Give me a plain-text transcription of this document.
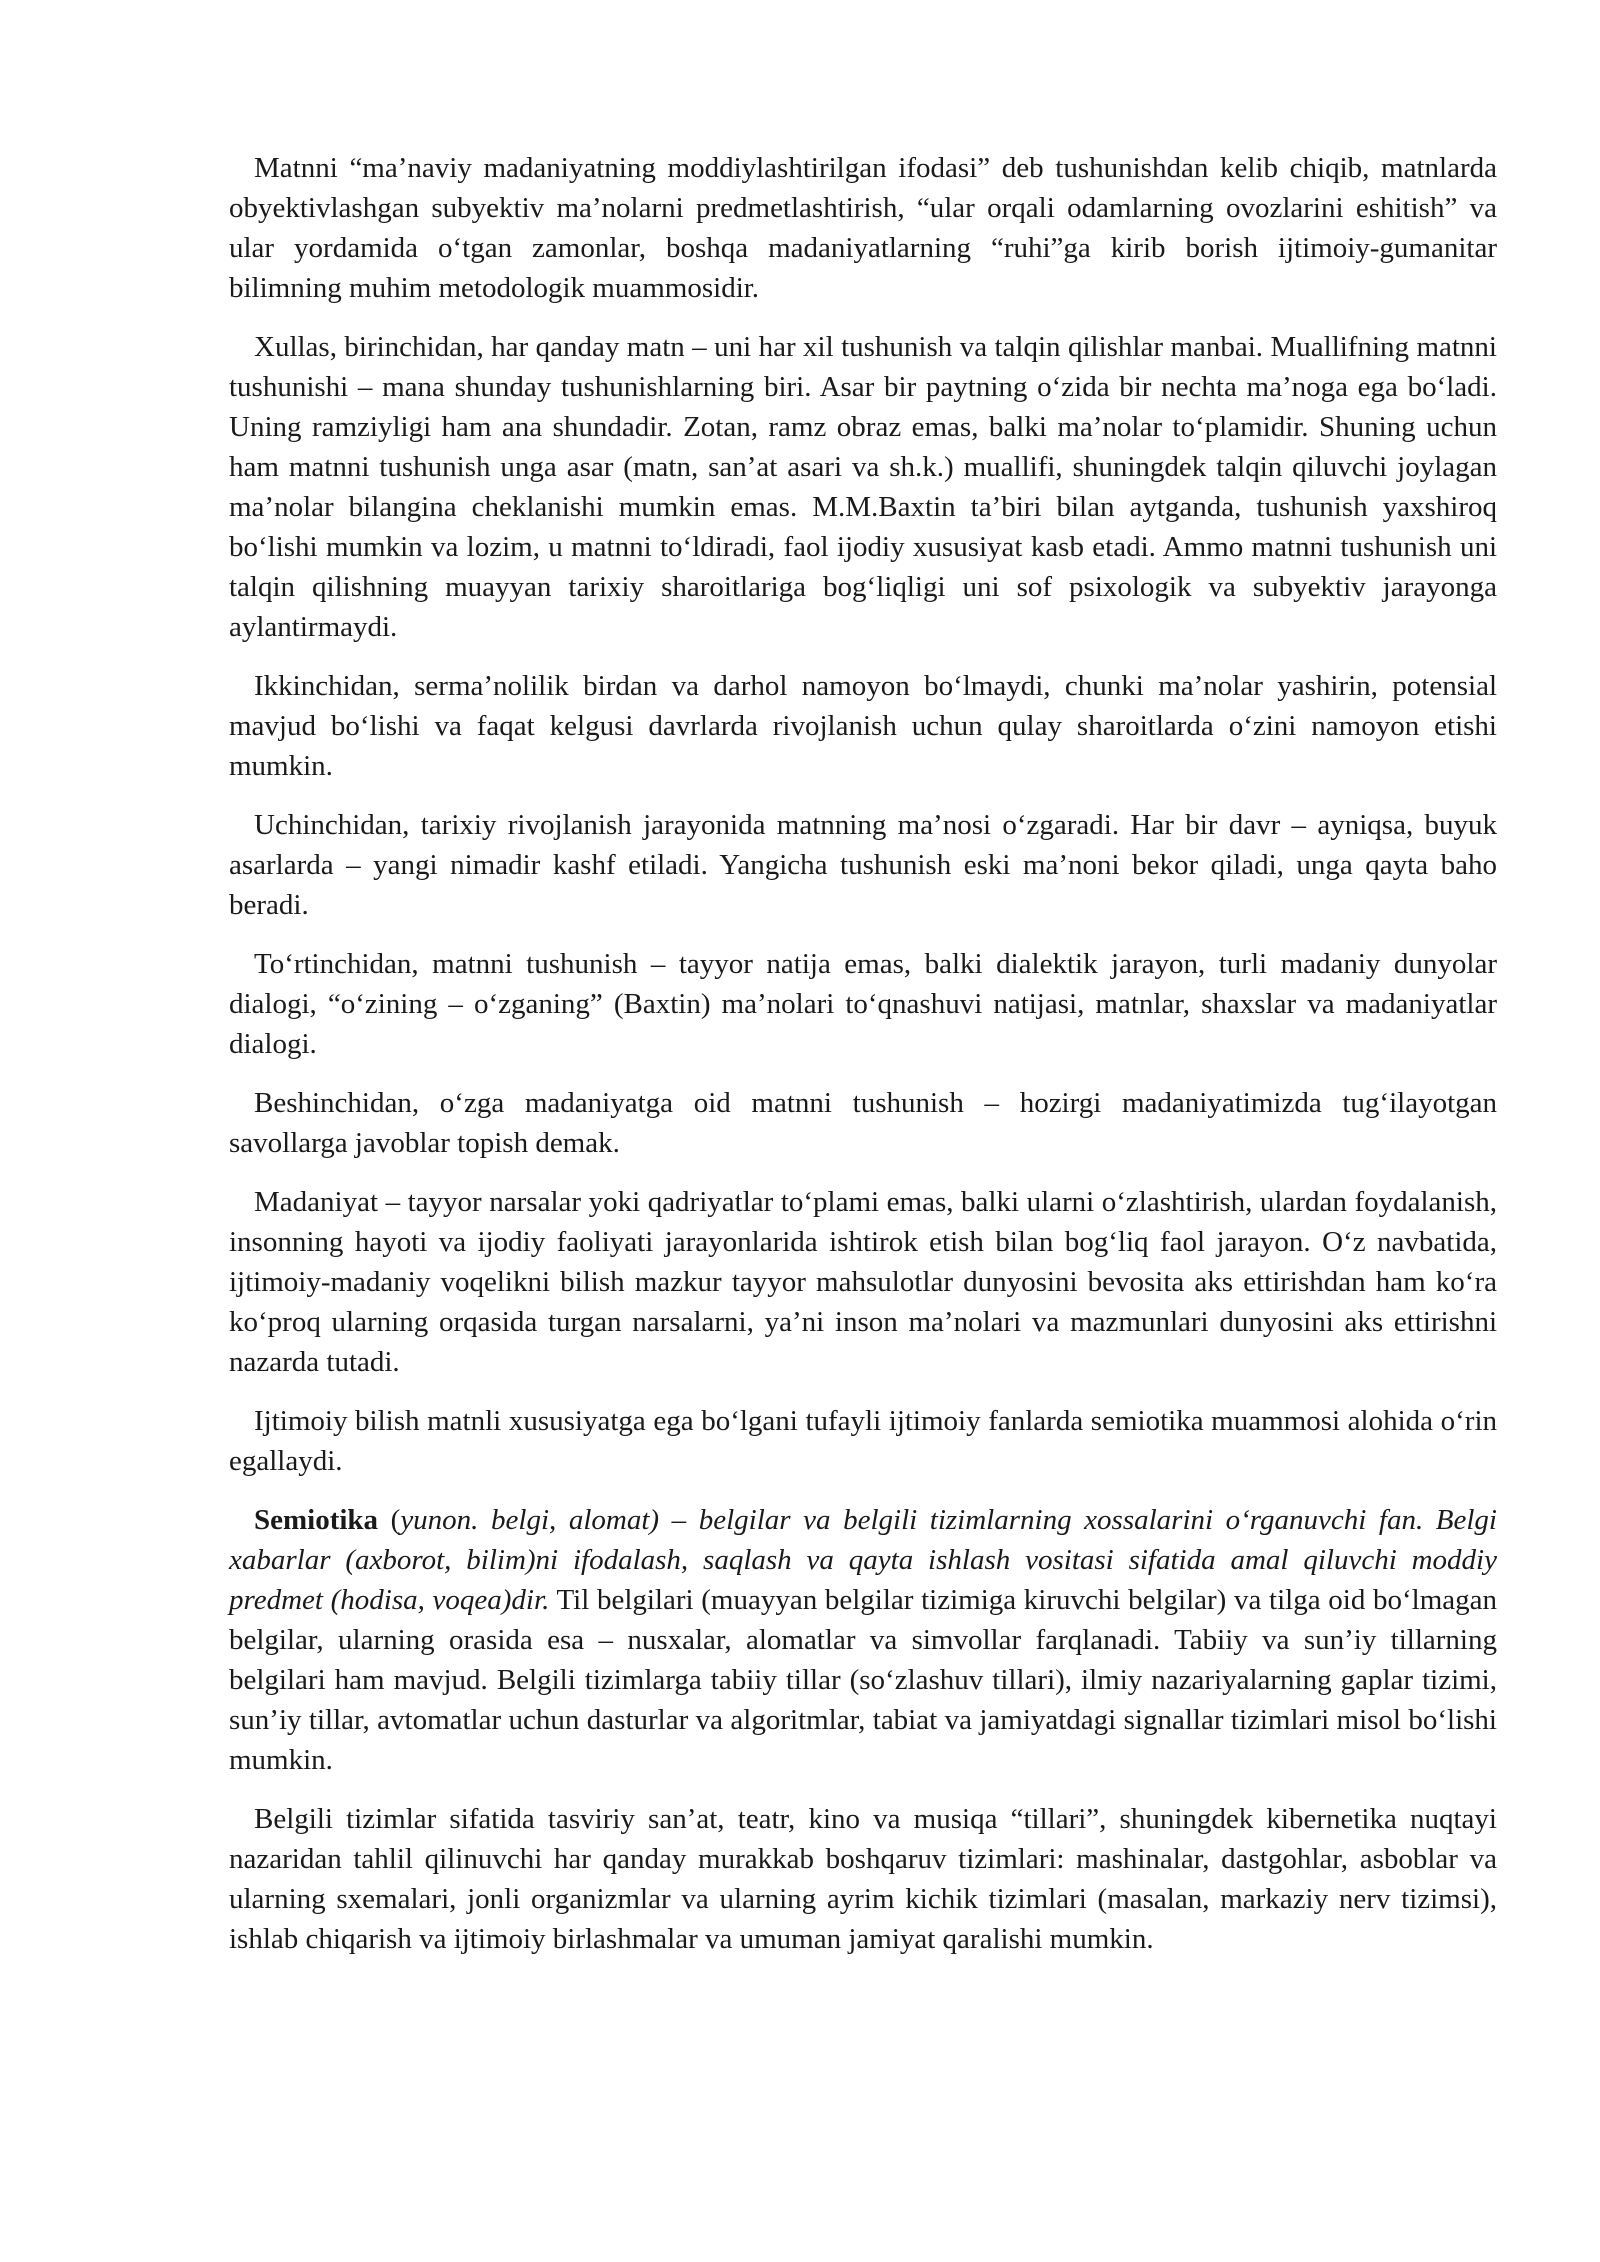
Matnni “ma’naviy madaniyatning moddiylashtirilgan ifodasi” deb tushunishdan kelib chiqib, matnlarda obyektivlashgan subyektiv ma’nolarni predmetlashtirish, “ular orqali odamlarning ovozlarini eshitish” va ular yordamida o‘tgan zamonlar, boshqa madaniyatlarning “ruhi”ga kirib borish ijtimoiy-gumanitar bilimning muhim metodologik muammosidir.

Xullas, birinchidan, har qanday matn – uni har xil tushunish va talqin qilishlar manbai. Muallifning matnni tushunishi – mana shunday tushunishlarning biri. Asar bir paytning o‘zida bir nechta ma’noga ega bo‘ladi. Uning ramziyligi ham ana shundadir. Zotan, ramz obraz emas, balki ma’nolar to‘plamidir. Shuning uchun ham matnni tushunish unga asar (matn, san’at asari va sh.k.) muallifi, shuningdek talqin qiluvchi joylagan ma’nolar bilangina cheklanishi mumkin emas. M.M.Baxtin ta’biri bilan aytganda, tushunish yaxshiroq bo‘lishi mumkin va lozim, u matnni to‘ldiradi, faol ijodiy xususiyat kasb etadi. Ammo matnni tushunish uni talqin qilishning muayyan tarixiy sharoitlariga bog‘liqligi uni sof psixologik va subyektiv jarayonga aylantirmaydi.

Ikkinchidan, serma’nolilik birdan va darhol namoyon bo‘lmaydi, chunki ma’nolar yashirin, potensial mavjud bo‘lishi va faqat kelgusi davrlarda rivojlanish uchun qulay sharoitlarda o‘zini namoyon etishi mumkin.

Uchinchidan, tarixiy rivojlanish jarayonida matnning ma’nosi o‘zgaradi. Har bir davr – ayniqsa, buyuk asarlarda – yangi nimadir kashf etiladi. Yangicha tushunish eski ma’noni bekor qiladi, unga qayta baho beradi.

To‘rtinchidan, matnni tushunish – tayyor natija emas, balki dialektik jarayon, turli madaniy dunyolar dialogi, “o‘zining – o‘zganing” (Baxtin) ma’nolari to‘qnashuvi natijasi, matnlar, shaxslar va madaniyatlar dialogi.

Beshinchidan, o‘zga madaniyatga oid matnni tushunish – hozirgi madaniyatimizda tug‘ilayotgan savollarga javoblar topish demak.

Madaniyat – tayyor narsalar yoki qadriyatlar to‘plami emas, balki ularni o‘zlashtirish, ulardan foydalanish, insonning hayoti va ijodiy faoliyati jarayonlarida ishtirok etish bilan bog‘liq faol jarayon. O‘z navbatida, ijtimoiy-madaniy voqelikni bilish mazkur tayyor mahsulotlar dunyosini bevosita aks ettirishdan ham ko‘ra ko‘proq ularning orqasida turgan narsalarni, ya’ni inson ma’nolari va mazmunlari dunyosini aks ettirishni nazarda tutadi.

Ijtimoiy bilish matnli xususiyatga ega bo‘lgani tufayli ijtimoiy fanlarda semiotika muammosi alohida o‘rin egallaydi.

Semiotika (yunon. belgi, alomat) – belgilar va belgili tizimlarning xossalarini o‘rganuvchi fan. Belgi xabarlar (axborot, bilim)ni ifodalash, saqlash va qayta ishlash vositasi sifatida amal qiluvchi moddiy predmet (hodisa, voqea)dir. Til belgilari (muayyan belgilar tizimiga kiruvchi belgilar) va tilga oid bo‘lmagan belgilar, ularning orasida esa – nusxalar, alomatlar va simvollar farqlanadi. Tabiiy va sun’iy tillarning belgilari ham mavjud. Belgili tizimlarga tabiiy tillar (so‘zlashuv tillari), ilmiy nazariyalarning gaplar tizimi, sun’iy tillar, avtomatlar uchun dasturlar va algoritmlar, tabiat va jamiyatdagi signallar tizimlari misol bo‘lishi mumkin.

Belgili tizimlar sifatida tasviriy san’at, teatr, kino va musiqa “tillari”, shuningdek kibernetika nuqtayi nazaridan tahlil qilinuvchi har qanday murakkab boshqaruv tizimlari: mashinalar, dastgohlar, asboblar va ularning sxemalari, jonli organizmlar va ularning ayrim kichik tizimlari (masalan, markaziy nerv tizimsi), ishlab chiqarish va ijtimoiy birlashmalar va umuman jamiyat qaralishi mumkin.
